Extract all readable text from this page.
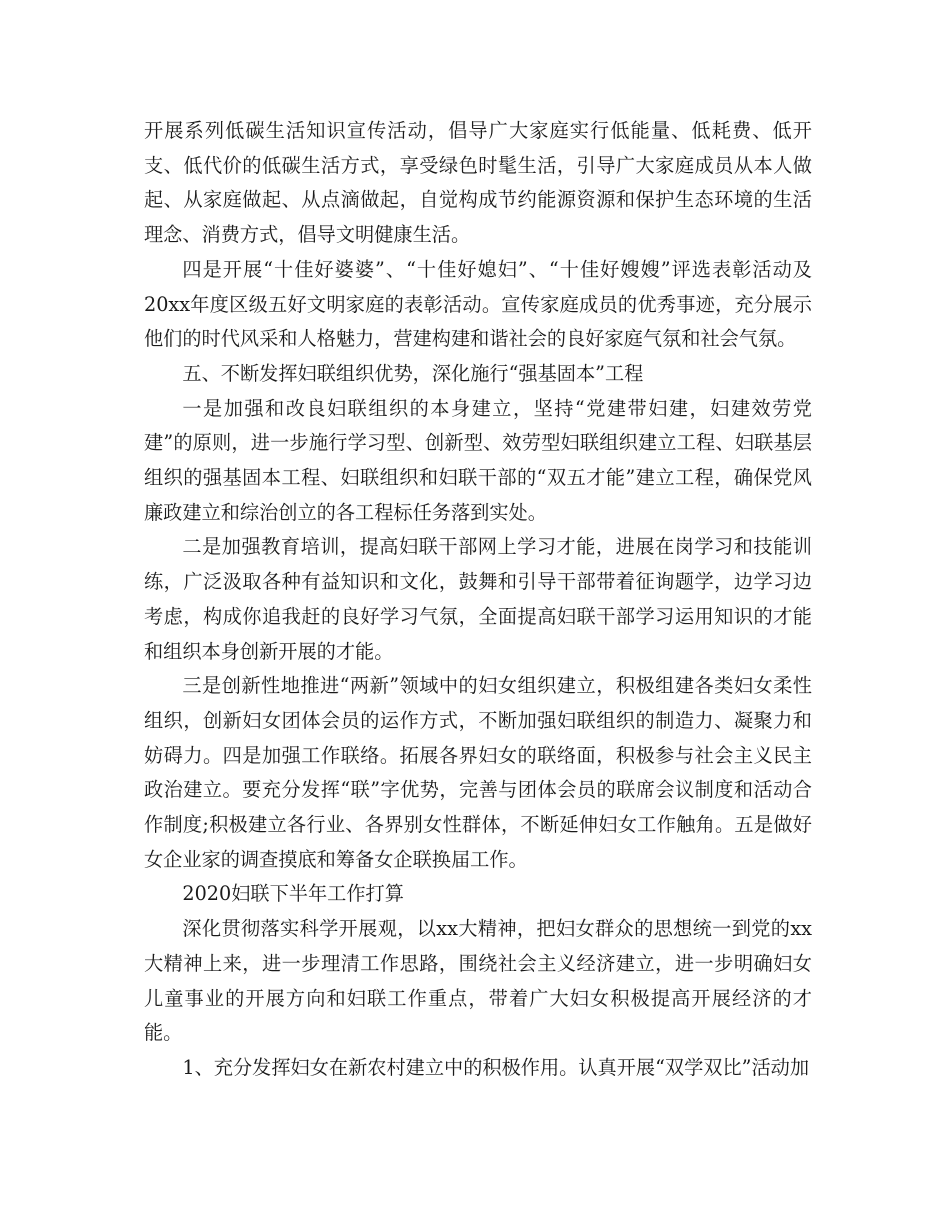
开展系列低碳生活知识宣传活动，倡导广大家庭实行低能量、低耗费、低开支、低代价的低碳生活方式，享受绿色时髦生活，引导广大家庭成员从本人做起、从家庭做起、从点滴做起，自觉构成节约能源资源和保护生态环境的生活理念、消费方式，倡导文明健康生活。

四是开展“十佳好婆婆”、“十佳好媳妇”、“十佳好嫂嫂”评选表彰活动及20xx年度区级五好文明家庭的表彰活动。宣传家庭成员的优秀事迹，充分展示他们的时代风采和人格魅力，营建构建和谐社会的良好家庭气氛和社会气氛。

五、不断发挥妇联组织优势，深化施行“强基固本”工程

一是加强和改良妇联组织的本身建立，坚持“党建带妇建，妇建效劳党建”的原则，进一步施行学习型、创新型、效劳型妇联组织建立工程、妇联基层组织的强基固本工程、妇联组织和妇联干部的“双五才能”建立工程，确保党风廉政建立和综治创立的各工程标任务落到实处。

二是加强教育培训，提高妇联干部网上学习才能，进展在岗学习和技能训练，广泛汲取各种有益知识和文化，鼓舞和引导干部带着征询题学，边学习边考虑，构成你追我赶的良好学习气氛，全面提高妇联干部学习运用知识的才能和组织本身创新开展的才能。

三是创新性地推进“两新”领域中的妇女组织建立，积极组建各类妇女柔性组织，创新妇女团体会员的运作方式，不断加强妇联组织的制造力、凝聚力和妨碍力。四是加强工作联络。拓展各界妇女的联络面，积极参与社会主义民主政治建立。要充分发挥“联”字优势，完善与团体会员的联席会议制度和活动合作制度;积极建立各行业、各界别女性群体，不断延伸妇女工作触角。五是做好女企业家的调查摸底和筹备女企联换届工作。

2020妇联下半年工作打算

深化贯彻落实科学开展观，以xx大精神，把妇女群众的思想统一到党的xx大精神上来，进一步理清工作思路，围绕社会主义经济建立，进一步明确妇女儿童事业的开展方向和妇联工作重点，带着广大妇女积极提高开展经济的才能。

1、充分发挥妇女在新农村建立中的积极作用。认真开展“双学双比”活动加
